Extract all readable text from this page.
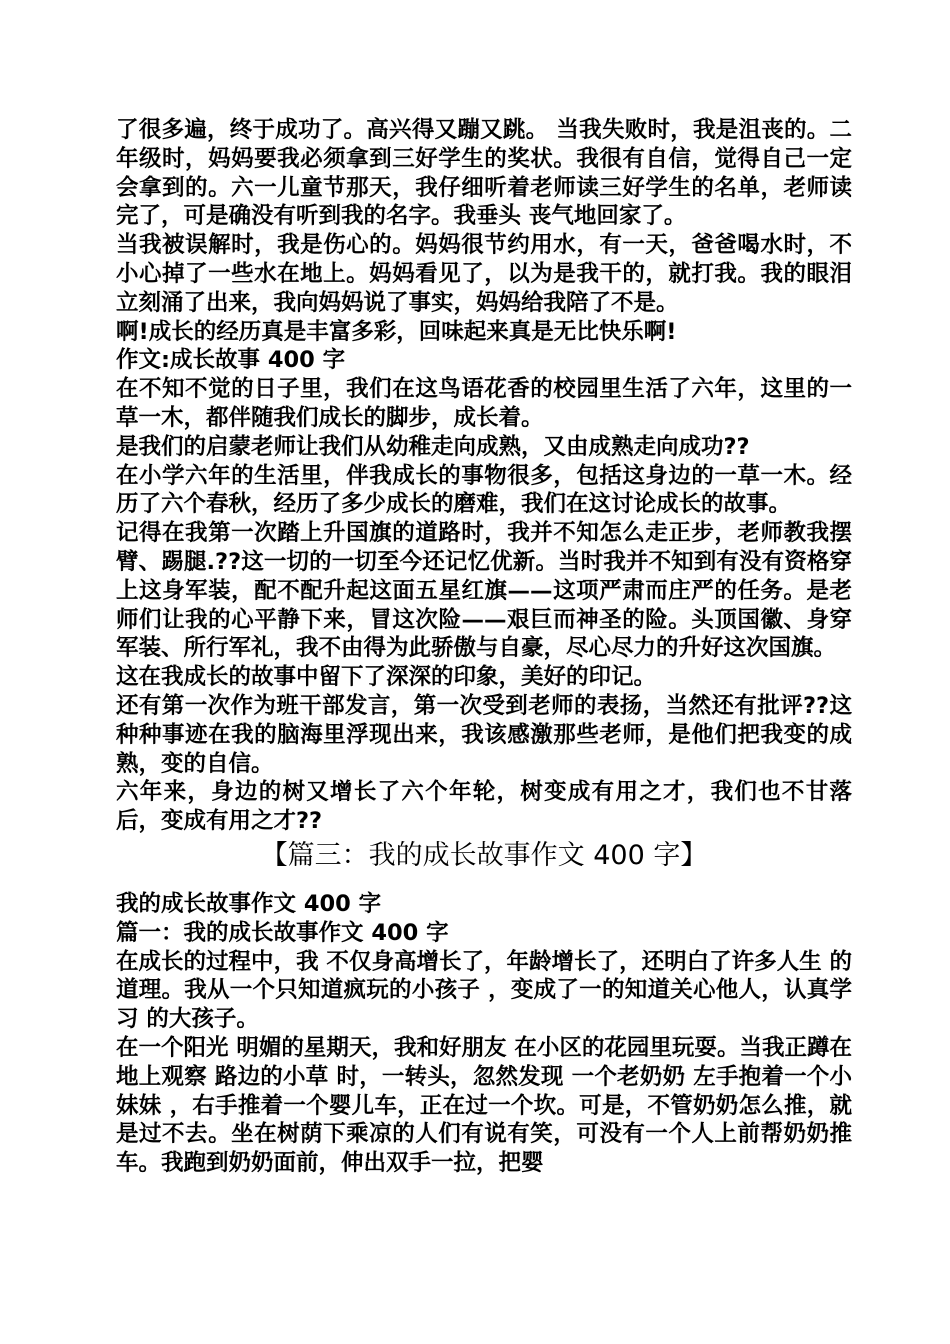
了很多遍，终于成功了。高兴得又蹦又跳。 当我失败时，我是沮丧的。二年级时，妈妈要我必须拿到三好学生的奖状。我很有自信，觉得自己一定会拿到的。六一儿童节那天，我仔细听着老师读三好学生的名单，老师读完了，可是确没有听到我的名字。我垂头 丧气地回家了。

当我被误解时，我是伤心的。妈妈很节约用水，有一天，爸爸喝水时，不小心掉了一些水在地上。妈妈看见了，以为是我干的，就打我。我的眼泪立刻涌了出来，我向妈妈说了事实，妈妈给我陪了不是。

啊!成长的经历真是丰富多彩，回味起来真是无比快乐啊!

作文:成长故事 400 字

在不知不觉的日子里，我们在这鸟语花香的校园里生活了六年，这里的一草一木，都伴随我们成长的脚步，成长着。

是我们的启蒙老师让我们从幼稚走向成熟，又由成熟走向成功??

在小学六年的生活里，伴我成长的事物很多，包括这身边的一草一木。经历了六个春秋，经历了多少成长的磨难，我们在这讨论成长的故事。

记得在我第一次踏上升国旗的道路时，我并不知怎么走正步，老师教我摆臂、踢腿.??这一切的一切至今还记忆优新。当时我并不知到有没有资格穿上这身军装，配不配升起这面五星红旗——这项严肃而庄严的任务。是老师们让我的心平静下来，冒这次险——艰巨而神圣的险。头顶国徽、身穿军装、所行军礼，我不由得为此骄傲与自豪，尽心尽力的升好这次国旗。

这在我成长的故事中留下了深深的印象，美好的印记。

还有第一次作为班干部发言，第一次受到老师的表扬，当然还有批评??这种种事迹在我的脑海里浮现出来，我该感激那些老师，是他们把我变的成熟，变的自信。

六年来，身边的树又增长了六个年轮，树变成有用之才，我们也不甘落后，变成有用之才??

【篇三：我的成长故事作文 400 字】

我的成长故事作文 400 字

篇一：我的成长故事作文 400 字

在成长的过程中，我 不仅身高增长了，年龄增长了，还明白了许多人生 的道理。我从一个只知道疯玩的小孩子 ，变成了一的知道关心他人，认真学习 的大孩子。

在一个阳光 明媚的星期天，我和好朋友 在小区的花园里玩耍。当我正蹲在地上观察 路边的小草 时，一转头，忽然发现 一个老奶奶 左手抱着一个小妹妹 ，右手推着一个婴儿车，正在过一个坎。可是，不管奶奶怎么推，就是过不去。坐在树荫下乘凉的人们有说有笑，可没有一个人上前帮奶奶推车。我跑到奶奶面前，伸出双手一拉，把婴
